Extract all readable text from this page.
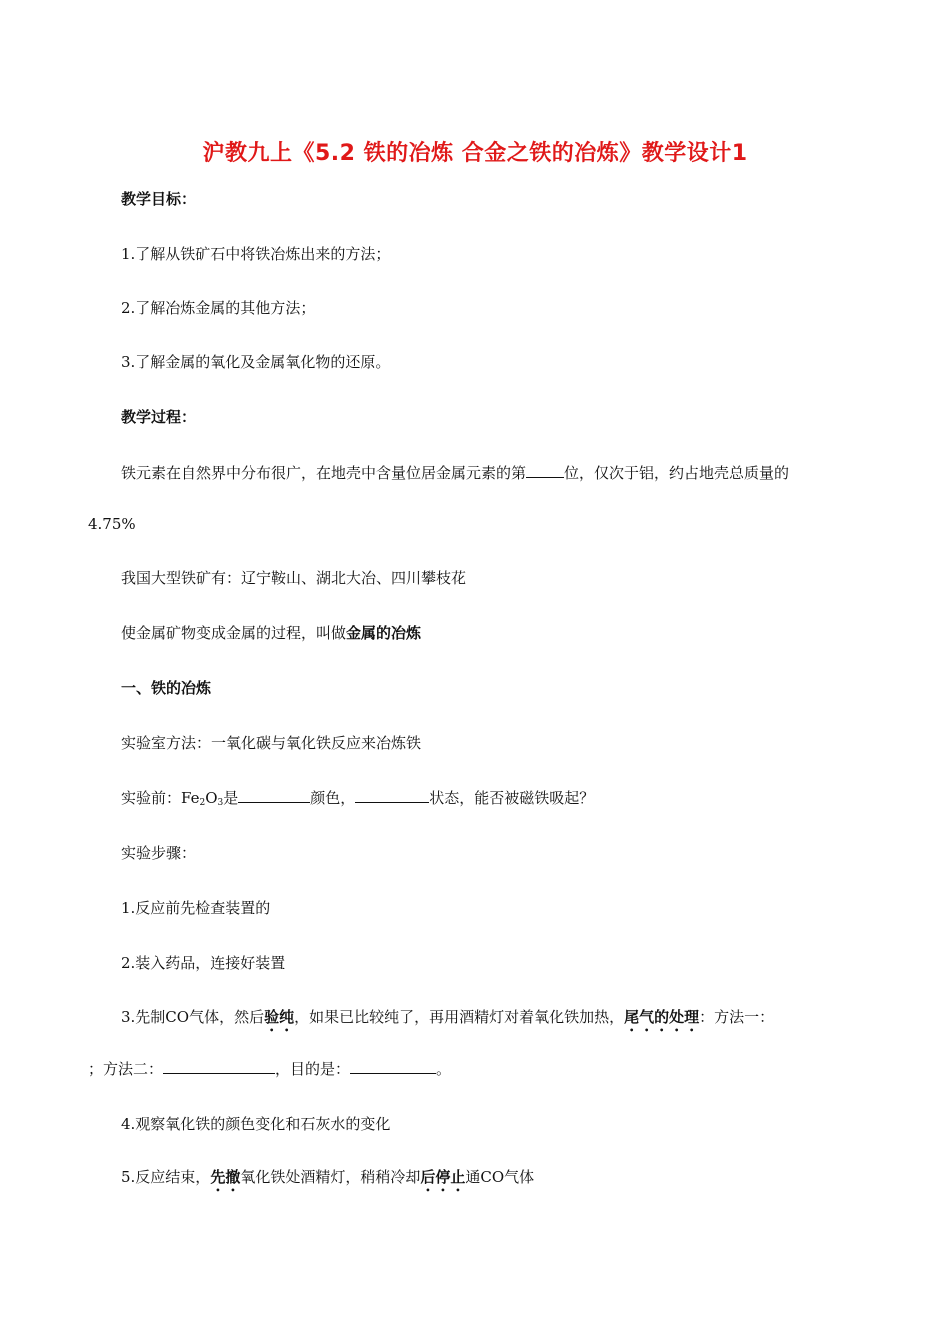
沪教九上《5.2 铁的冶炼 合金之铁的冶炼》教学设计1
教学目标：
1.了解从铁矿石中将铁冶炼出来的方法；
2.了解冶炼金属的其他方法；
3.了解金属的氧化及金属氧化物的还原。
教学过程：
铁元素在自然界中分布很广，在地壳中含量位居金属元素的第	位，仅次于铝，约占地壳总质量的
4.75%
我国大型铁矿有：辽宁鞍山、湖北大冶、四川攀枝花
使金属矿物变成金属的过程，叫做金属的冶炼
一、铁的冶炼
实验室方法：一氧化碳与氧化铁反应来冶炼铁
实验前：$Fe_2O_3$是	颜色，	状态，能否被磁铁吸起？
实验步骤：
1.反应前先检查装置的
2.装入药品，连接好装置
3.先制CO气体，然后验纯，如果已比较纯了，再用酒精灯对着氧化铁加热，尾气的处理：方法一：
；方法二：	，目的是：	。
4.观察氧化铁的颜色变化和石灰水的变化
5.反应结束，先撤氧化铁处酒精灯，稍稍冷却后停止通CO气体
